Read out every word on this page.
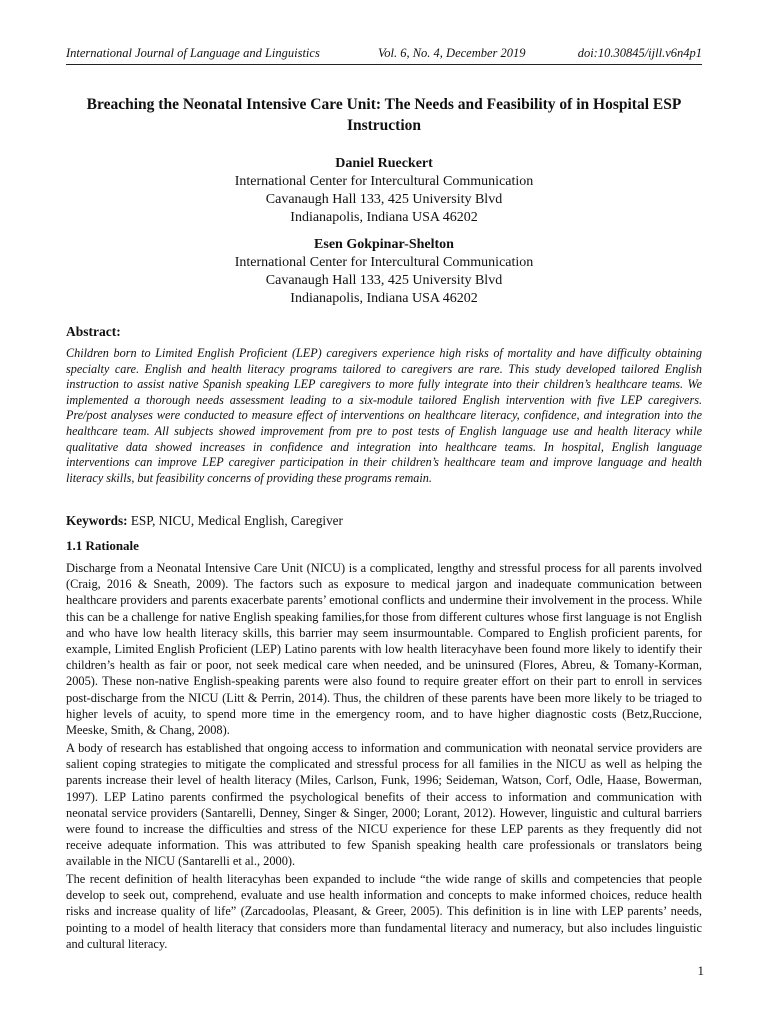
International Journal of Language and Linguistics	Vol. 6, No. 4, December 2019	doi:10.30845/ijll.v6n4p1
Breaching the Neonatal Intensive Care Unit: The Needs and Feasibility of in Hospital ESP Instruction
Daniel Rueckert
International Center for Intercultural Communication
Cavanaugh Hall 133, 425 University Blvd
Indianapolis, Indiana USA 46202
Esen Gokpinar-Shelton
International Center for Intercultural Communication
Cavanaugh Hall 133, 425 University Blvd
Indianapolis, Indiana USA 46202
Abstract:

Children born to Limited English Proficient (LEP) caregivers experience high risks of mortality and have difficulty obtaining specialty care. English and health literacy programs tailored to caregivers are rare. This study developed tailored English instruction to assist native Spanish speaking LEP caregivers to more fully integrate into their children’s healthcare teams. We implemented a thorough needs assessment leading to a six-module tailored English intervention with five LEP caregivers. Pre/post analyses were conducted to measure effect of interventions on healthcare literacy, confidence, and integration into the healthcare team. All subjects showed improvement from pre to post tests of English language use and health literacy while qualitative data showed increases in confidence and integration into healthcare teams. In hospital, English language interventions can improve LEP caregiver participation in their children’s healthcare team and improve language and health literacy skills, but feasibility concerns of providing these programs remain.

Keywords: ESP, NICU, Medical English, Caregiver
1.1 Rationale

Discharge from a Neonatal Intensive Care Unit (NICU) is a complicated, lengthy and stressful process for all parents involved (Craig, 2016 & Sneath, 2009). The factors such as exposure to medical jargon and inadequate communication between healthcare providers and parents exacerbate parents’ emotional conflicts and undermine their involvement in the process. While this can be a challenge for native English speaking families,for those from different cultures whose first language is not English and who have low health literacy skills, this barrier may seem insurmountable. Compared to English proficient parents, for example, Limited English Proficient (LEP) Latino parents with low health literacyhave been found more likely to identify their children’s health as fair or poor, not seek medical care when needed, and be uninsured (Flores, Abreu, & Tomany-Korman, 2005). These non-native English-speaking parents were also found to require greater effort on their part to enroll in services post-discharge from the NICU (Litt & Perrin, 2014). Thus, the children of these parents have been more likely to be triaged to higher levels of acuity, to spend more time in the emergency room, and to have higher diagnostic costs (Betz,Ruccione, Meeske, Smith, & Chang, 2008).

A body of research has established that ongoing access to information and communication with neonatal service providers are salient coping strategies to mitigate the complicated and stressful process for all families in the NICU as well as helping the parents increase their level of health literacy (Miles, Carlson, Funk, 1996; Seideman, Watson, Corf, Odle, Haase, Bowerman, 1997). LEP Latino parents confirmed the psychological benefits of their access to information and communication with neonatal service providers (Santarelli, Denney, Singer & Singer, 2000; Lorant, 2012). However, linguistic and cultural barriers were found to increase the difficulties and stress of the NICU experience for these LEP parents as they frequently did not receive adequate information. This was attributed to few Spanish speaking health care professionals or translators being available in the NICU (Santarelli et al., 2000).

The recent definition of health literacyhas been expanded to include “the wide range of skills and competencies that people develop to seek out, comprehend, evaluate and use health information and concepts to make informed choices, reduce health risks and increase quality of life” (Zarcadoolas, Pleasant, & Greer, 2005). This definition is in line with LEP parents’ needs, pointing to a model of health literacy that considers more than fundamental literacy and numeracy, but also includes linguistic and cultural literacy.

1
